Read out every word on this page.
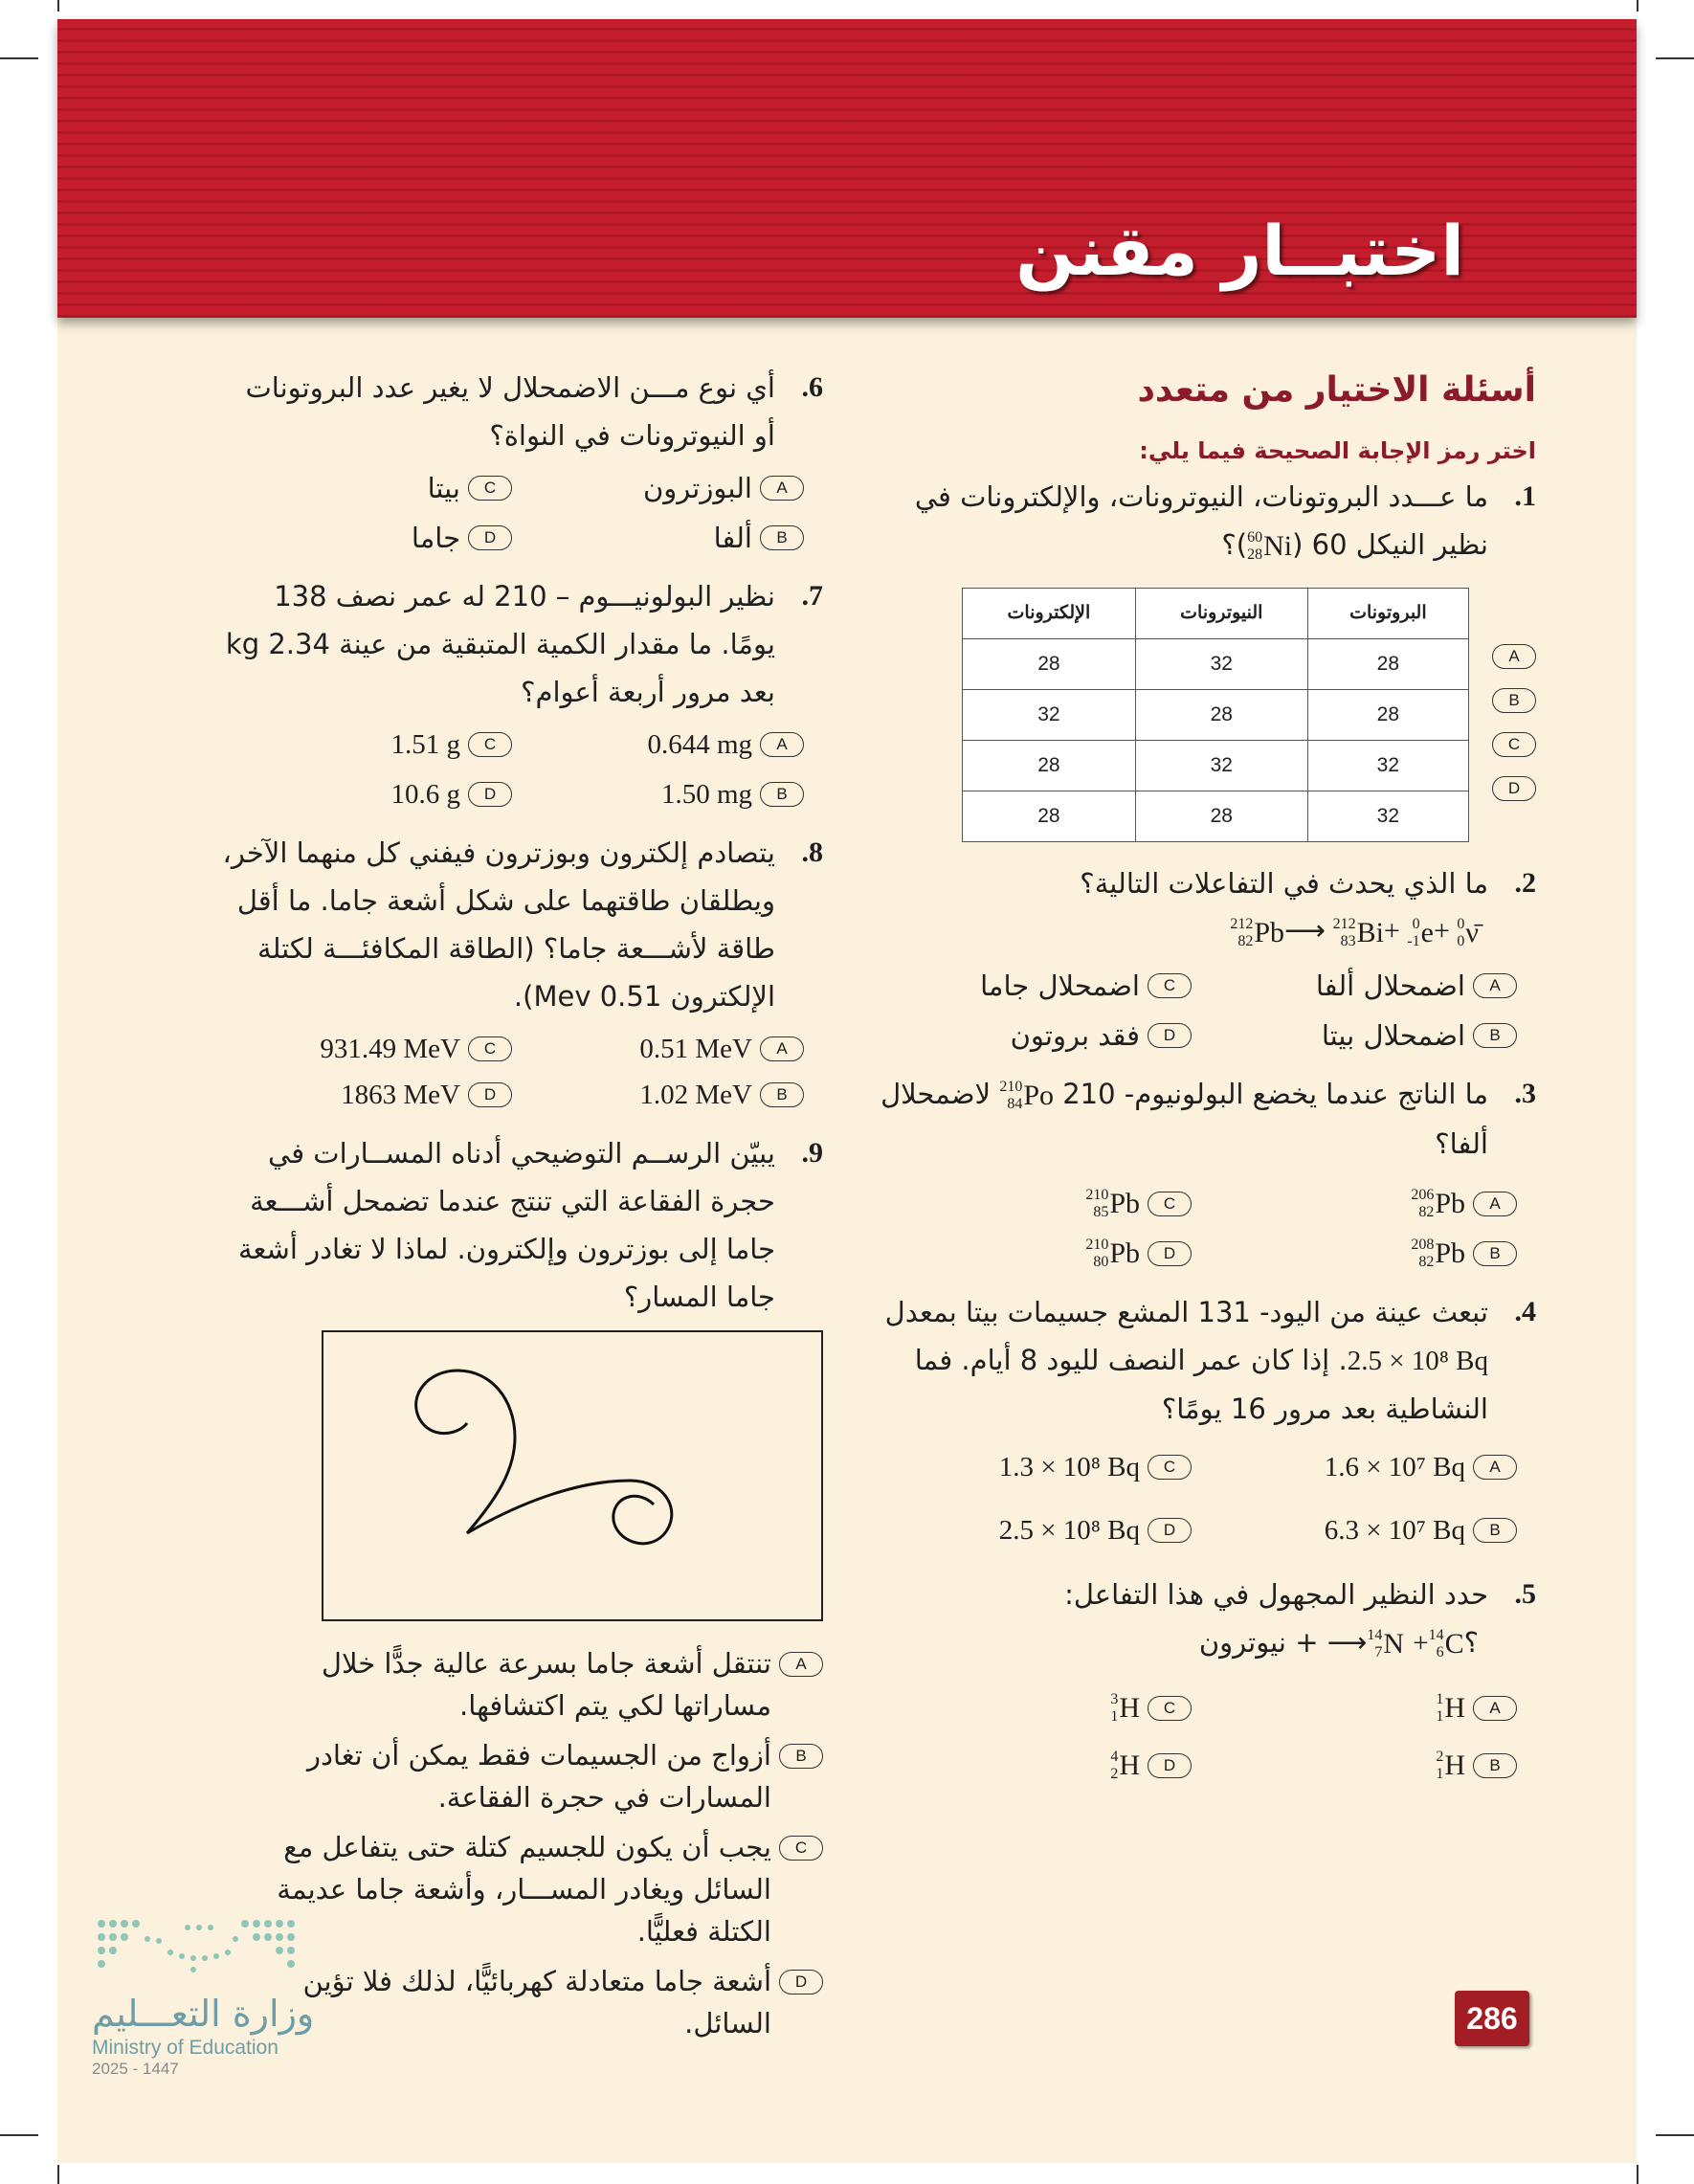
اختبــار مقنن
أسئلة الاختيار من متعدد
اختر رمز الإجابة الصحيحة فيما يلي:
1.
ما عـــدد البروتونات، النيوترونات، والإلكترونات في نظير النيكل 60 (
60
28 Ni
)؟
A
B
C
D
البروتونات	النيوترونات	الإلكترونات
28	32	28
28	28	32
32	32	28
32	28	28
2.
ما الذي يحدث في التفاعلات التالية؟
212
82 Pb ⟶ 212
83 Bi + 0
-1 e + 0
0 ν̄
A
اضمحلال ألفا
C
اضمحلال جاما
B
اضمحلال بيتا
D
فقد بروتون
3.
ما الناتج عندما يخضع البولونيوم- 210
210
84 Po
لاضمحلال ألفا؟
A
206
82 Pb
C
210
85 Pb
B
208
82 Pb
D
210
80 Pb
4.
تبعث عينة من اليود- 131 المشع جسيمات بيتا بمعدل 2.5 × 10⁸ Bq. إذا كان عمر النصف لليود 8 أيام. فما النشاطية بعد مرور 16 يومًا؟
A
1.6 × 10⁷ Bq
C
1.3 × 10⁸ Bq
B
6.3 × 10⁷ Bq
D
2.5 × 10⁸ Bq
5.
حدد النظير المجهول في هذا التفاعل:
؟
14
6 C
+
14
7 N
⟶ + نيوترون
A
1
1 H
C
3
1 H
B
2
1 H
D
4
2 H
6.
أي نوع مـــن الاضمحلال لا يغير عدد البروتونات أو النيوترونات في النواة؟
A
البوزترون
C
بيتا
B
ألفا
D
جاما
7.
نظير البولونيـــوم – 210 له عمر نصف 138 يومًا. ما مقدار الكمية المتبقية من عينة 2.34 kg بعد مرور أربعة أعوام؟
A
0.644 mg
C
1.51 g
B
1.50 mg
D
10.6 g
8.
يتصادم إلكترون وبوزترون فيفني كل منهما الآخر، ويطلقان طاقتهما على شكل أشعة جاما. ما أقل طاقة لأشـــعة جاما؟ (الطاقة المكافئـــة لكتلة الإلكترون 0.51 Mev).
A
0.51 MeV
C
931.49 MeV
B
1.02 MeV
D
1863 MeV
9.
يبيّن الرســم التوضيحي أدناه المســارات في حجرة الفقاعة التي تنتج عندما تضمحل أشـــعة جاما إلى بوزترون وإلكترون. لماذا لا تغادر أشعة جاما المسار؟
A
تنتقل أشعة جاما بسرعة عالية جدًّا خلال مساراتها لكي يتم اكتشافها.
B
أزواج من الجسيمات فقط يمكن أن تغادر المسارات في حجرة الفقاعة.
C
يجب أن يكون للجسيم كتلة حتى يتفاعل مع السائل ويغادر المســـار، وأشعة جاما عديمة الكتلة فعليًّا.
D
أشعة جاما متعادلة كهربائيًّا، لذلك فلا تؤين السائل.	286
وزارة التعـــليم
Ministry of Education
2025 - 1447
